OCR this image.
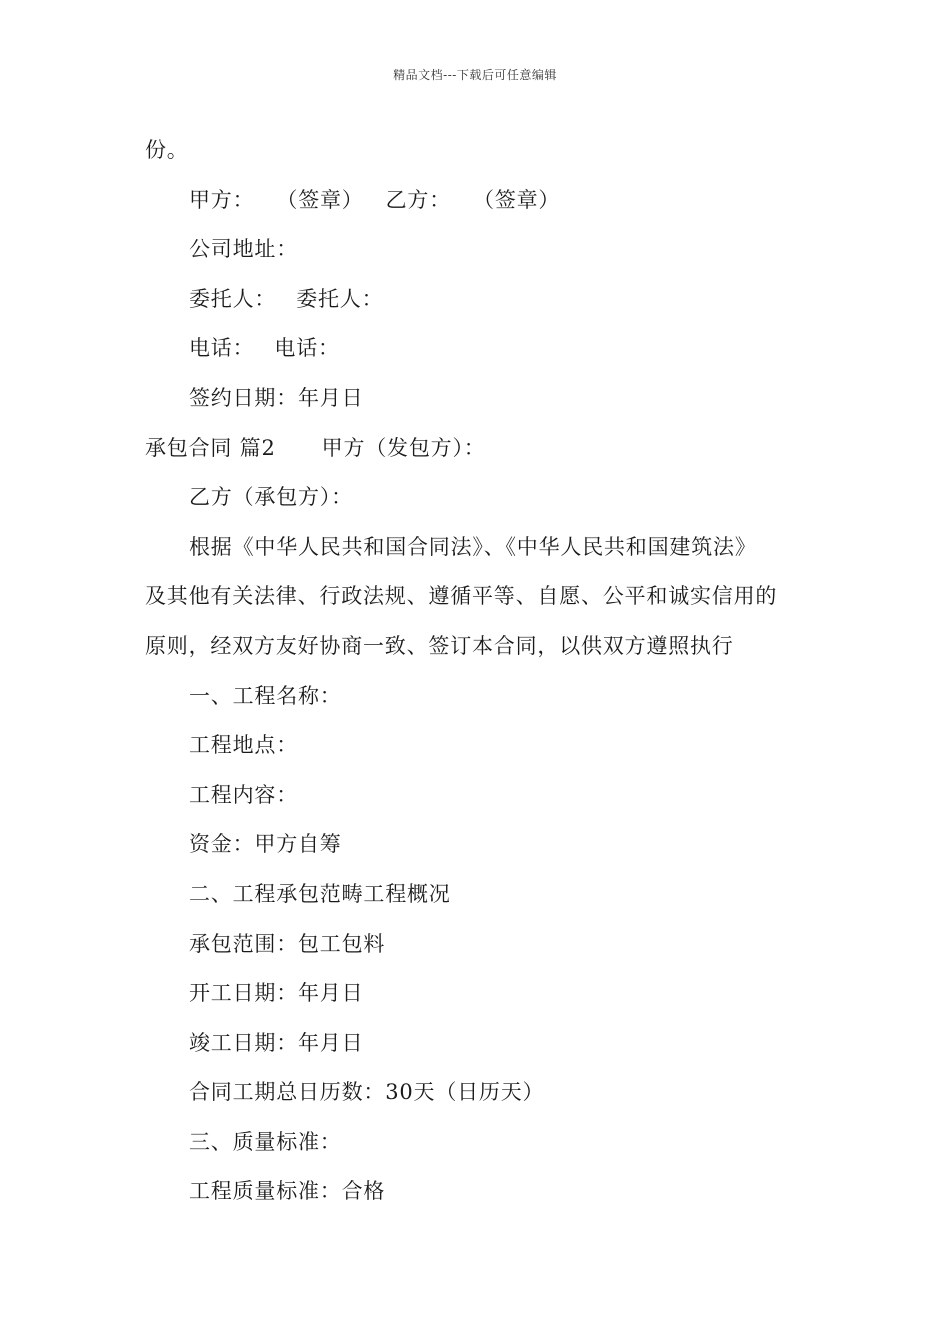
精品文档---下载后可任意编辑
份。
甲方： （签章） 乙方： （签章）
公司地址：
委托人： 委托人：
电话： 电话：
签约日期：年月日
承包合同 篇2 甲方（发包方）：
乙方（承包方）：
根据《中华人民共和国合同法》、《中华人民共和国建筑法》
及其他有关法律、行政法规、遵循平等、自愿、公平和诚实信用的
原则，经双方友好协商一致、签订本合同，以供双方遵照执行
一、工程名称：
工程地点：
工程内容：
资金：甲方自筹
二、工程承包范畴工程概况
承包范围：包工包料
开工日期：年月日
竣工日期：年月日
合同工期总日历数：30天（日历天）
三、质量标准：
工程质量标准：合格
